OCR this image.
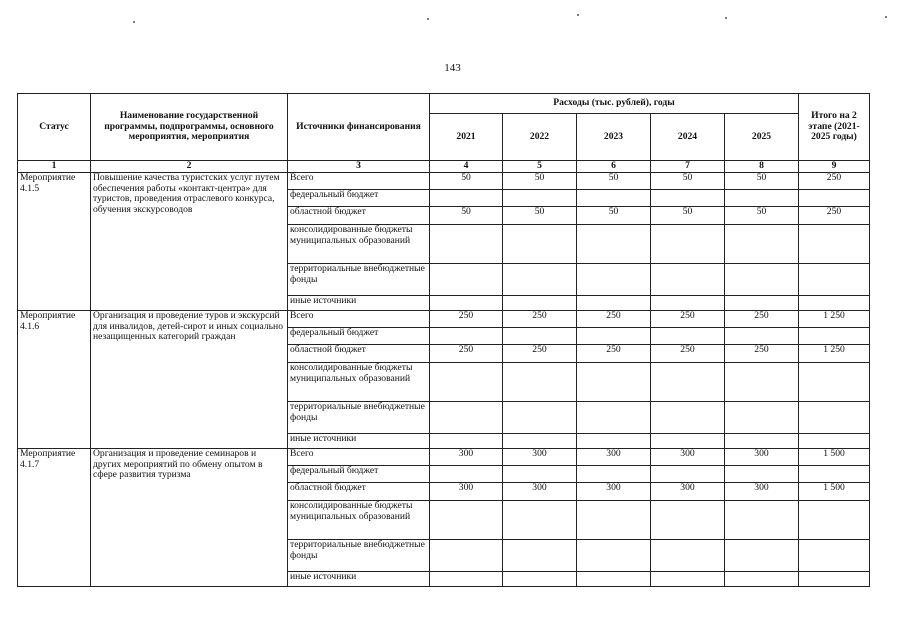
143
Статус	Наименование государственной программы, подпрограммы, основного мероприятия, мероприятия	Источники финансирования	Расходы (тыс. рублей), годы					Итого на 2 этапе (2021-2025 годы)
			2021	2022	2023	2024	2025	
1	2	3	4	5	6	7	8	9
Мероприятие 4.1.5	Повышение качества туристских услуг путем обеспечения работы «контакт-центра» для туристов, проведения отраслевого конкурса, обучения экскурсоводов	Всего	50	50	50	50	50	250
		федеральный бюджет						
		областной бюджет	50	50	50	50	50	250
		консолидированные бюджеты муниципальных образований						
		территориальные внебюджетные фонды						
		иные источники						
Мероприятие 4.1.6	Организация и проведение туров и экскурсий для инвалидов, детей-сирот и иных социально незащищенных категорий граждан	Всего	250	250	250	250	250	1 250
		федеральный бюджет						
		областной бюджет	250	250	250	250	250	1 250
		консолидированные бюджеты муниципальных образований						
		территориальные внебюджетные фонды						
		иные источники						
Мероприятие 4.1.7	Организация и проведение семинаров и других мероприятий по обмену опытом в сфере развития туризма	Всего	300	300	300	300	300	1 500
		федеральный бюджет						
		областной бюджет	300	300	300	300	300	1 500
		консолидированные бюджеты муниципальных образований						
		территориальные внебюджетные фонды						
		иные источники						
